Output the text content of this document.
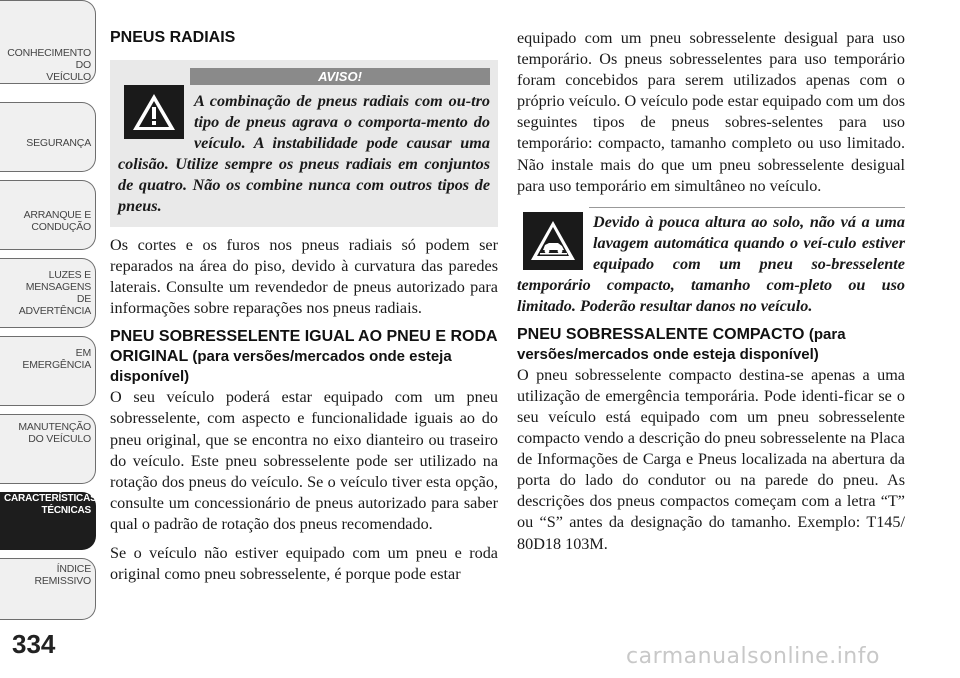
CONHECIMENTO
DO
VEÍCULO
SEGURANÇA
ARRANQUE E
CONDUÇÃO
LUZES E
MENSAGENS
DE
ADVERTÊNCIA
EM
EMERGÊNCIA
MANUTENÇÃO
DO VEÍCULO
CARACTERÍSTICAS
TÉCNICAS
ÍNDICE
REMISSIVO
334
PNEUS RADIAIS
AVISO!

A combinação de pneus radiais com ou-tro tipo de pneus agrava o comporta-mento do veículo. A instabilidade pode causar uma colisão. Utilize sempre os pneus radiais em conjuntos de quatro. Não os combine nunca com outros tipos de pneus.

Os cortes e os furos nos pneus radiais só podem ser reparados na área do piso, devido à curvatura das paredes laterais. Consulte um revendedor de pneus autorizado para informações sobre reparações nos pneus radiais.

PNEU SOBRESSELENTE IGUAL AO PNEU E RODA ORIGINAL (para versões/mercados onde esteja disponível)

O seu veículo poderá estar equipado com um pneu sobresselente, com aspecto e funcionalidade iguais ao do pneu original, que se encontra no eixo dianteiro ou traseiro do veículo. Este pneu sobresselente pode ser utilizado na rotação dos pneus do veículo. Se o veículo tiver esta opção, consulte um concessionário de pneus autorizado para saber qual o padrão de rotação dos pneus recomendado.

Se o veículo não estiver equipado com um pneu e roda original como pneu sobresselente, é porque pode estar

equipado com um pneu sobresselente desigual para uso temporário. Os pneus sobresselentes para uso temporário foram concebidos para serem utilizados apenas com o próprio veículo. O veículo pode estar equipado com um dos seguintes tipos de pneus sobres-selentes para uso temporário: compacto, tamanho completo ou uso limitado. Não instale mais do que um pneu sobresselente desigual para uso temporário em simultâneo no veículo.

Devido à pouca altura ao solo, não vá a uma lavagem automática quando o veí-culo estiver equipado com um pneu so-bresselente temporário compacto, tamanho com-pleto ou uso limitado. Poderão resultar danos no veículo.

PNEU SOBRESSALENTE COMPACTO (para versões/mercados onde esteja disponível)

O pneu sobresselente compacto destina-se apenas a uma utilização de emergência temporária. Pode identi-ficar se o seu veículo está equipado com um pneu sobresselente compacto vendo a descrição do pneu sobresselente na Placa de Informações de Carga e Pneus localizada na abertura da porta do lado do condutor ou na parede do pneu. As descrições dos pneus compactos começam com a letra “T” ou “S” antes da designação do tamanho. Exemplo: T145/ 80D18 103M.

carmanualsonline.info
